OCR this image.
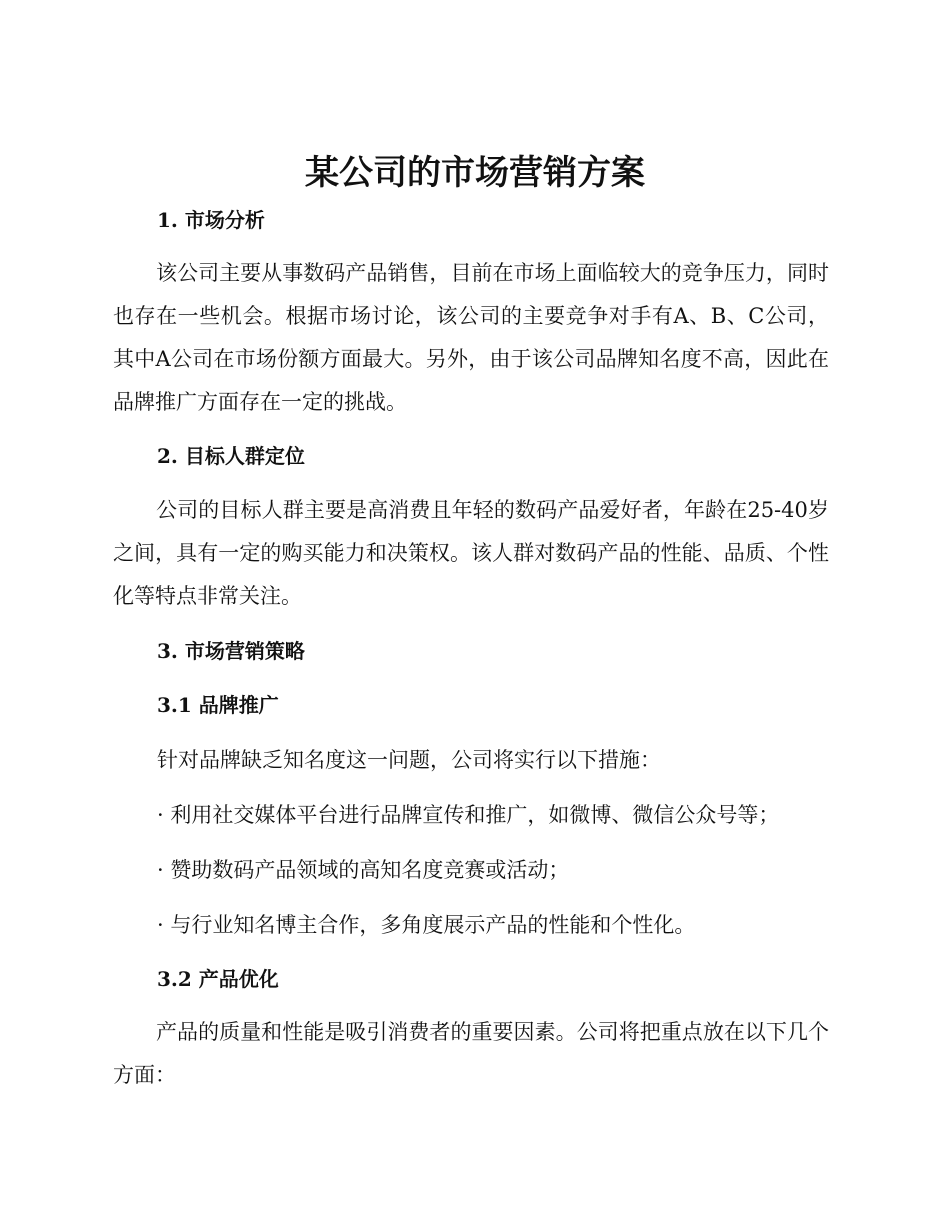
某公司的市场营销方案

1. 市场分析

该公司主要从事数码产品销售，目前在市场上面临较大的竞争压力，同时也存在一些机会。根据市场讨论，该公司的主要竞争对手有A、B、C公司，其中A公司在市场份额方面最大。另外，由于该公司品牌知名度不高，因此在品牌推广方面存在一定的挑战。

2. 目标人群定位

公司的目标人群主要是高消费且年轻的数码产品爱好者，年龄在25-40岁之间，具有一定的购买能力和决策权。该人群对数码产品的性能、品质、个性化等特点非常关注。

3. 市场营销策略

3.1 品牌推广

针对品牌缺乏知名度这一问题，公司将实行以下措施：

· 利用社交媒体平台进行品牌宣传和推广，如微博、微信公众号等；

· 赞助数码产品领域的高知名度竞赛或活动；

· 与行业知名博主合作，多角度展示产品的性能和个性化。

3.2 产品优化

产品的质量和性能是吸引消费者的重要因素。公司将把重点放在以下几个方面：
